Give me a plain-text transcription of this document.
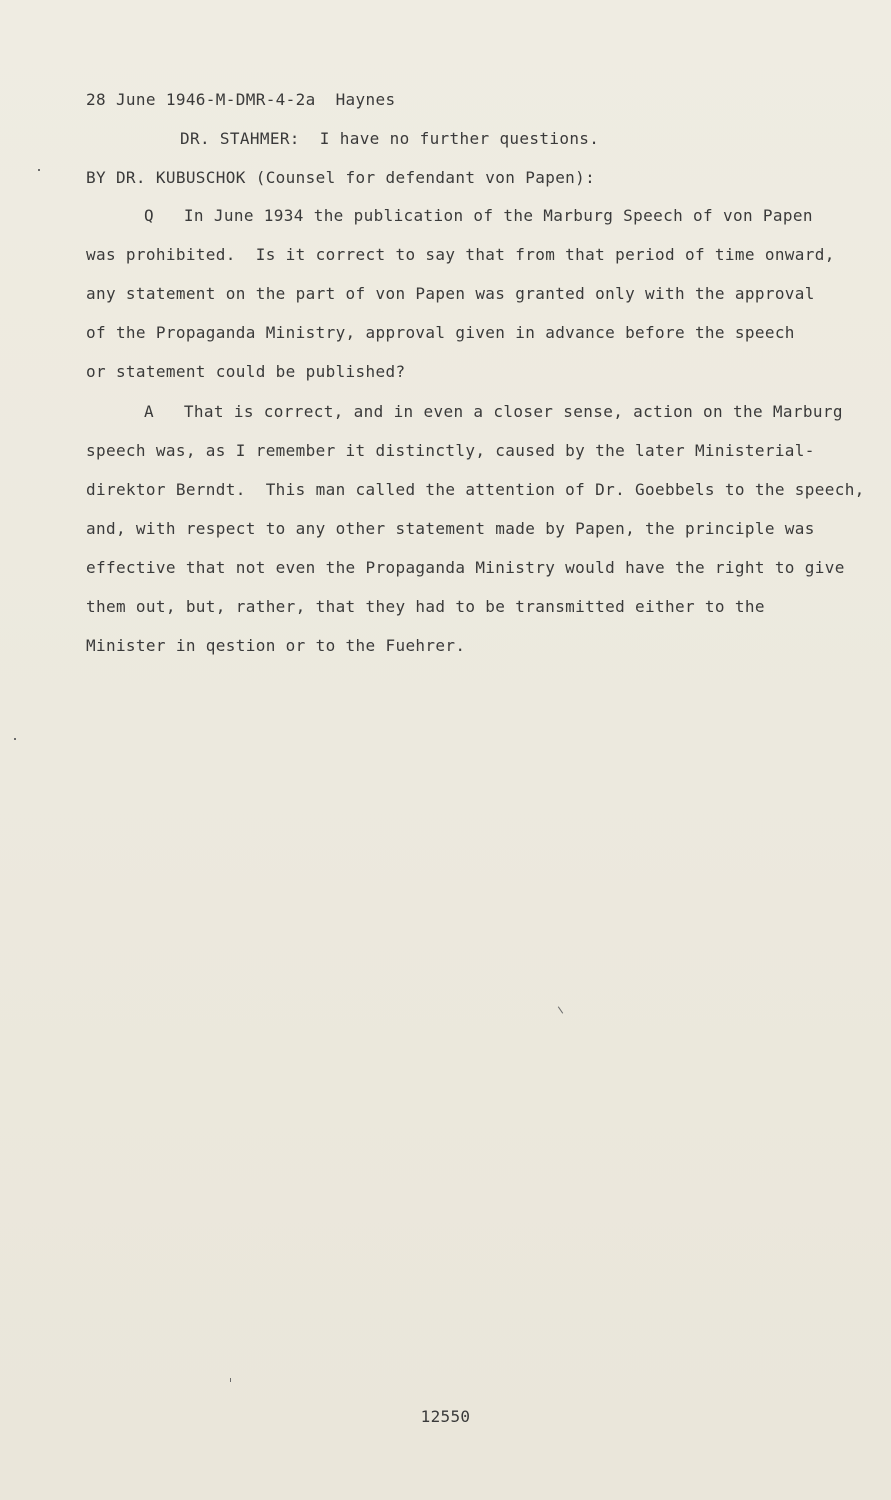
28 June 1946-M-DMR-4-2a  Haynes
DR. STAHMER:  I have no further questions.
BY DR. KUBUSCHOK (Counsel for defendant von Papen):
Q   In June 1934 the publication of the Marburg Speech of von Papen
was prohibited.  Is it correct to say that from that period of time onward,
any statement on the part of von Papen was granted only with the approval
of the Propaganda Ministry, approval given in advance before the speech
or statement could be published?
A   That is correct, and in even a closer sense, action on the Marburg
speech was, as I remember it distinctly, caused by the later Ministerial-
direktor Berndt.  This man called the attention of Dr. Goebbels to the speech,
and, with respect to any other statement made by Papen, the principle was
effective that not even the Propaganda Ministry would have the right to give
them out, but, rather, that they had to be transmitted either to the
Minister in qestion or to the Fuehrer.
12550
